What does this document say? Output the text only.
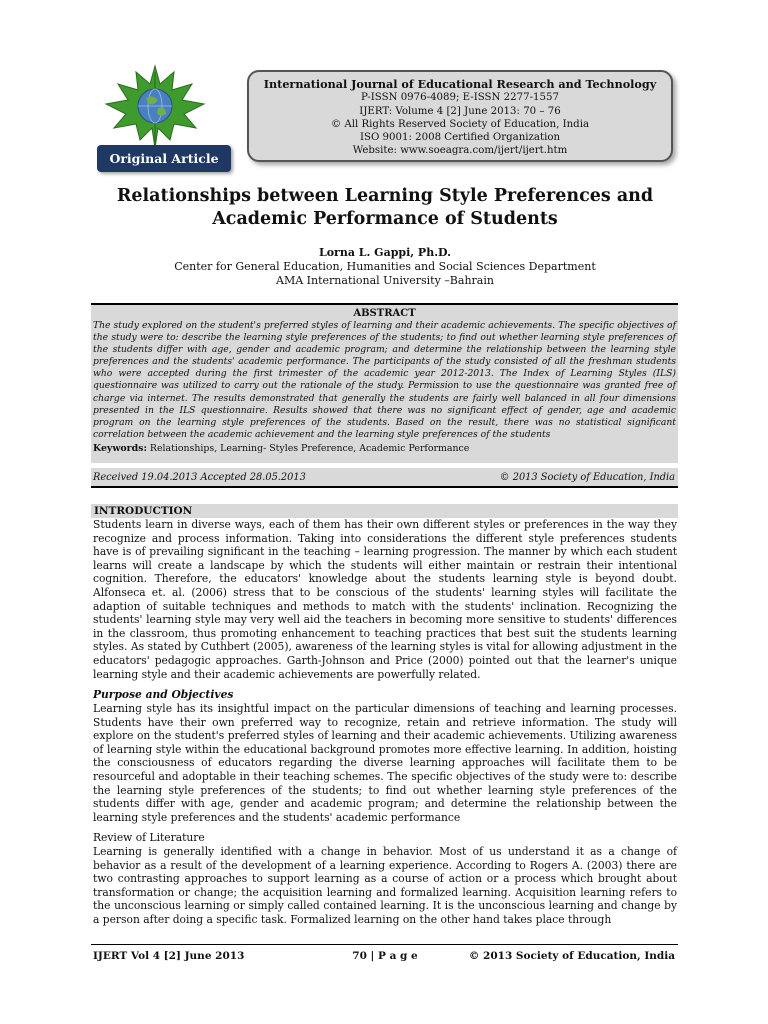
Original Article
International Journal of Educational Research and Technology
P-ISSN 0976-4089; E-ISSN 2277-1557
IJERT: Volume 4 [2] June 2013: 70 – 76
© All Rights Reserved Society of Education, India
ISO 9001: 2008 Certified Organization
Website: www.soeagra.com/ijert/ijert.htm
Relationships between Learning Style Preferences and
Academic Performance of Students
Lorna L. Gappi, Ph.D.
Center for General Education, Humanities and Social Sciences Department
AMA International University –Bahrain
ABSTRACT

The study explored on the student's preferred styles of learning and their academic achievements. The specific objectives of the study were to: describe the learning style preferences of the students; to find out whether learning style preferences of the students differ with age, gender and academic program; and determine the relationship between the learning style preferences and the students' academic performance. The participants of the study consisted of all the freshman students who were accepted during the first trimester of the academic year 2012-2013. The Index of Learning Styles (ILS) questionnaire was utilized to carry out the rationale of the study. Permission to use the questionnaire was granted free of charge via internet. The results demonstrated that generally the students are fairly well balanced in all four dimensions presented in the ILS questionnaire. Results showed that there was no significant effect of gender, age and academic program on the learning style preferences of the students. Based on the result, there was no statistical significant correlation between the academic achievement and the learning style preferences of the students

Keywords: Relationships, Learning- Styles Preference, Academic Performance
Received 19.04.2013 Accepted 28.05.2013	© 2013 Society of Education, India
INTRODUCTION

Students learn in diverse ways, each of them has their own different styles or preferences in the way they recognize and process information. Taking into considerations the different style preferences students have is of prevailing significant in the teaching – learning progression. The manner by which each student learns will create a landscape by which the students will either maintain or restrain their intentional cognition. Therefore, the educators' knowledge about the students learning style is beyond doubt. Alfonseca et. al. (2006) stress that to be conscious of the students' learning styles will facilitate the adaption of suitable techniques and methods to match with the students' inclination. Recognizing the students' learning style may very well aid the teachers in becoming more sensitive to students' differences in the classroom, thus promoting enhancement to teaching practices that best suit the students learning styles. As stated by Cuthbert (2005), awareness of the learning styles is vital for allowing adjustment in the educators' pedagogic approaches. Garth-Johnson and Price (2000) pointed out that the learner's unique learning style and their academic achievements are powerfully related.

Purpose and Objectives

Learning style has its insightful impact on the particular dimensions of teaching and learning processes. Students have their own preferred way to recognize, retain and retrieve information. The study will explore on the student's preferred styles of learning and their academic achievements. Utilizing awareness of learning style within the educational background promotes more effective learning. In addition, hoisting the consciousness of educators regarding the diverse learning approaches will facilitate them to be resourceful and adoptable in their teaching schemes. The specific objectives of the study were to: describe the learning style preferences of the students; to find out whether learning style preferences of the students differ with age, gender and academic program; and determine the relationship between the learning style preferences and the students' academic performance

Review of Literature

Learning is generally identified with a change in behavior. Most of us understand it as a change of behavior as a result of the development of a learning experience. According to Rogers A. (2003) there are two contrasting approaches to support learning as a course of action or a process which brought about transformation or change; the acquisition learning and formalized learning. Acquisition learning refers to the unconscious learning or simply called contained learning. It is the unconscious learning and change by a person after doing a specific task. Formalized learning on the other hand takes place through

IJERT Vol 4 [2] June 2013	70 | P a g e	© 2013 Society of Education, India
